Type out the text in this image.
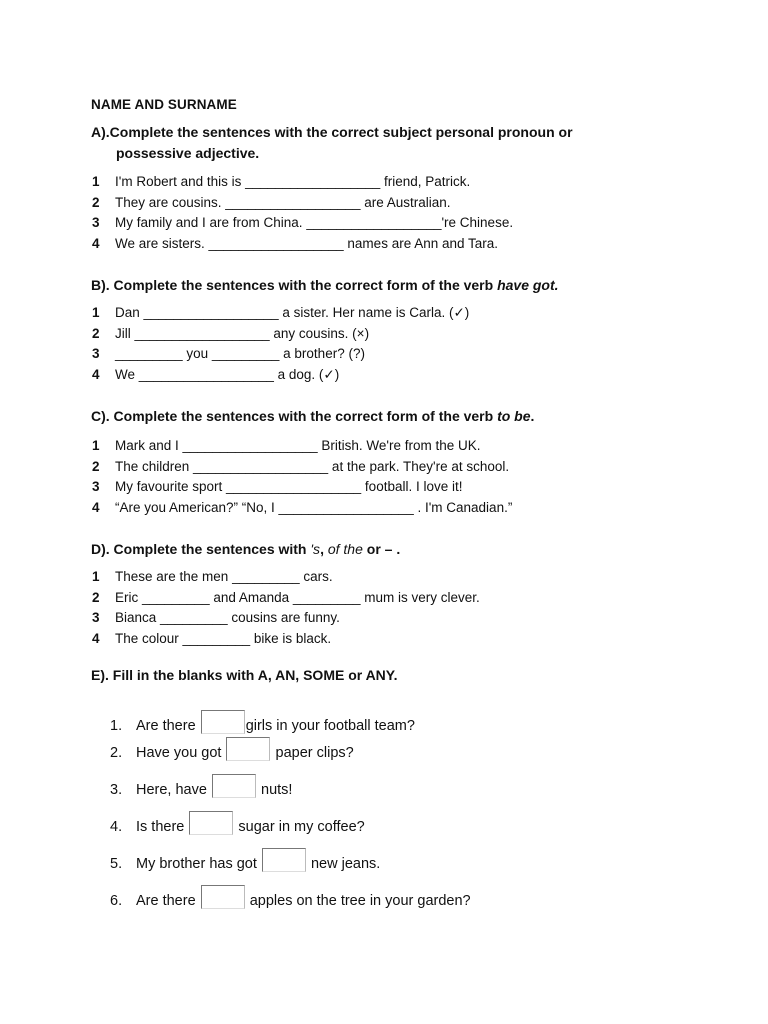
NAME AND SURNAME
A).Complete the sentences with the correct subject personal pronoun or
possessive adjective.
1 I'm Robert and this is __________________ friend, Patrick.
2 They are cousins. __________________ are Australian.
3 My family and I are from China. __________________'re Chinese.
4 We are sisters. __________________ names are Ann and Tara.
B). Complete the sentences with the correct form of the verb have got.
1 Dan __________________ a sister. Her name is Carla. (✓)
2 Jill __________________ any cousins. (×)
3 _________ you _________ a brother? (?)
4 We __________________ a dog. (✓)
C). Complete the sentences with the correct form of the verb to be.
1 Mark and I __________________ British. We're from the UK.
2 The children __________________ at the park. They're at school.
3 My favourite sport __________________ football. I love it!
4 “Are you American?” “No, I __________________ . I'm Canadian.”
D). Complete the sentences with 's, of the or – .
1 These are the men _________ cars.
2 Eric _________ and Amanda _________ mum is very clever.
3 Bianca _________ cousins are funny.
4 The colour _________ bike is black.
E). Fill in the blanks with A, AN, SOME or ANY.
1. Are there	girls in your football team?
2. Have you got	paper clips?
3. Here, have	nuts!
4. Is there	sugar in my coffee?
5. My brother has got	new jeans.
6. Are there	apples on the tree in your garden?
